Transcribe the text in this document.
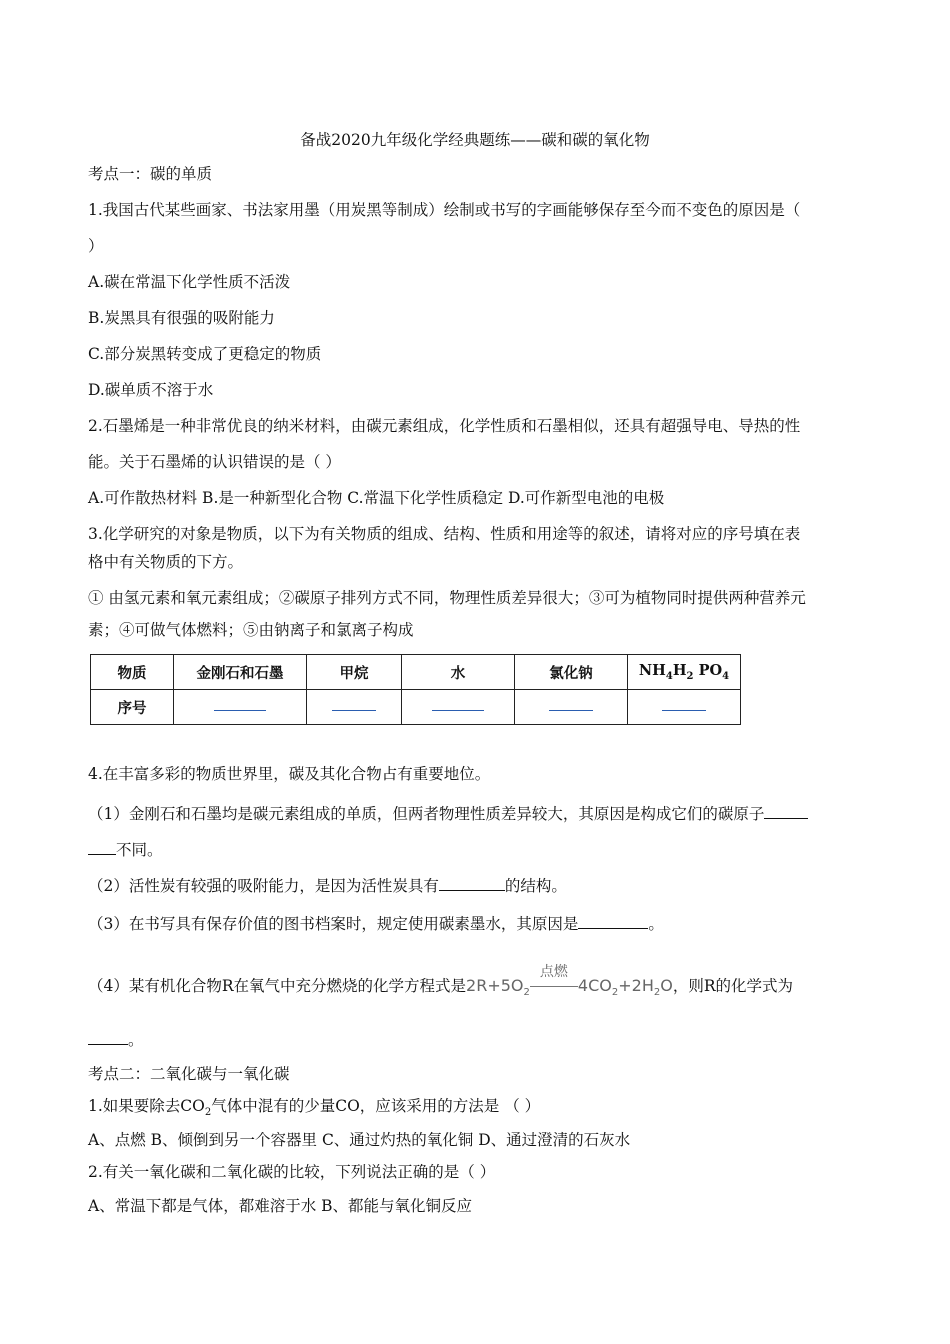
备战2020九年级化学经典题练——碳和碳的氧化物
考点一：碳的单质
1.我国古代某些画家、书法家用墨（用炭黑等制成）绘制或书写的字画能够保存至今而不变色的原因是（
）
A.碳在常温下化学性质不活泼
B.炭黑具有很强的吸附能力
C.部分炭黑转变成了更稳定的物质
D.碳单质不溶于水
2.石墨烯是一种非常优良的纳米材料，由碳元素组成，化学性质和石墨相似，还具有超强导电、导热的性
能。关于石墨烯的认识错误的是（ ）
A.可作散热材料 B.是一种新型化合物 C.常温下化学性质稳定 D.可作新型电池的电极
3.化学研究的对象是物质，以下为有关物质的组成、结构、性质和用途等的叙述，请将对应的序号填在表
格中有关物质的下方。
① 由氢元素和氧元素组成；②碳原子排列方式不同，物理性质差异很大；③可为植物同时提供两种营养元
素；④可做气体燃料；⑤由钠离子和氯离子构成
物质	金刚石和石墨	甲烷	水	氯化钠	$NH_4H_2$ $PO_4$
序号					
4.在丰富多彩的物质世界里，碳及其化合物占有重要地位。
（1）金刚石和石墨均是碳元素组成的单质，但两者物理性质差异较大，其原因是构成它们的碳原子
不同。
（2）活性炭有较强的吸附能力，是因为活性炭具有	的结构。
（3）在书写具有保存价值的图书档案时，规定使用碳素墨水，其原因是	。
（4）某有机化合物R在氧气中充分燃烧的化学方程式是$2R+5O_2$
点燃
$4CO_2+2H_2O$，则R的化学式为
。
考点二：二氧化碳与一氧化碳
1.如果要除去$CO_2$气体中混有的少量CO，应该采用的方法是 （ ）
A、点燃 B、倾倒到另一个容器里 C、通过灼热的氧化铜 D、通过澄清的石灰水
2.有关一氧化碳和二氧化碳的比较，下列说法正确的是（ ）
A、常温下都是气体，都难溶于水 B、都能与氧化铜反应
